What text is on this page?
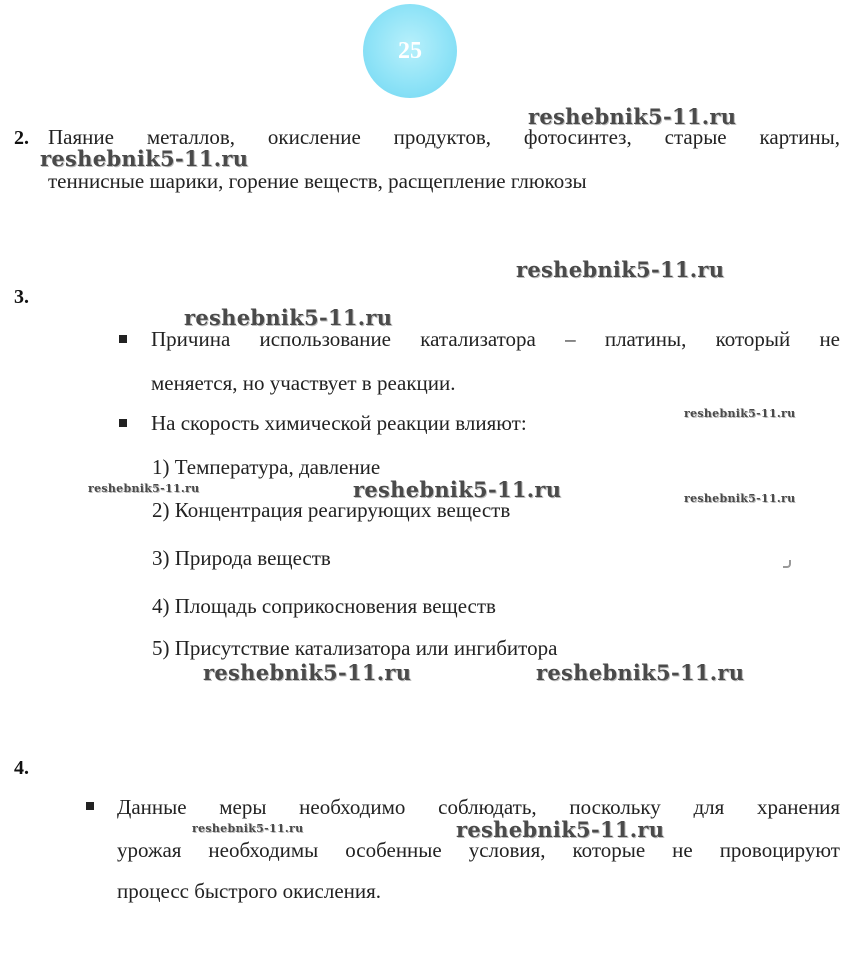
25
2. Паяние металлов, окисление продуктов, фотосинтез, старые картины,
теннисные шарики, горение веществ, расщепление глюкозы
3.
Причина использование катализатора – платины, который не
меняется, но участвует в реакции.
На скорость химической реакции влияют:
1) Температура, давление
2) Концентрация реагирующих веществ
3) Природа веществ
4) Площадь соприкосновения веществ
5) Присутствие катализатора или ингибитора
4.
Данные меры необходимо соблюдать, поскольку для хранения
урожая необходимы особенные условия, которые не провоцируют
процесс быстрого окисления.
reshebnik5-11.ru
reshebnik5-11.ru
reshebnik5-11.ru
reshebnik5-11.ru
reshebnik5-11.ru
reshebnik5-11.ru	reshebnik5-11.ru	reshebnik5-11.ru
reshebnik5-11.ru	reshebnik5-11.ru
reshebnik5-11.ru	reshebnik5-11.ru
